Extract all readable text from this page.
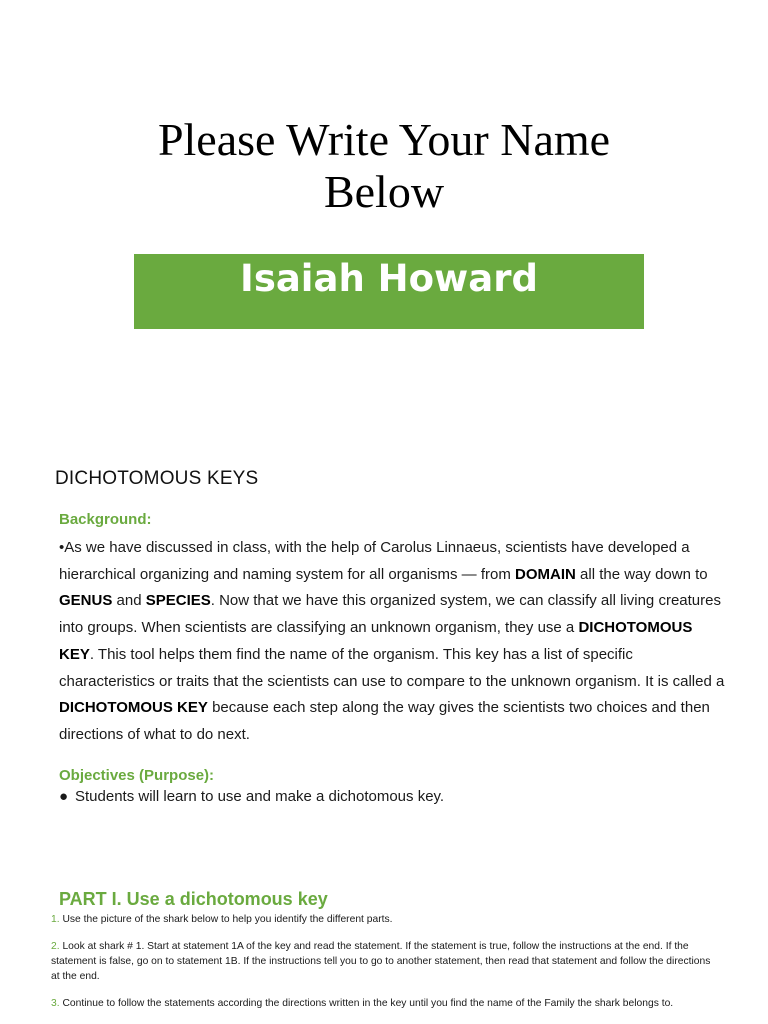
Please Write Your Name
Below
Isaiah Howard
DICHOTOMOUS KEYS
Background:
•As we have discussed in class, with the help of Carolus Linnaeus, scientists have developed a hierarchical organizing and naming system for all organisms — from DOMAIN all the way down to GENUS and SPECIES. Now that we have this organized system, we can classify all living creatures into groups. When scientists are classifying an unknown organism, they use a DICHOTOMOUS KEY. This tool helps them find the name of the organism. This key has a list of specific characteristics or traits that the scientists can use to compare to the unknown organism. It is called a DICHOTOMOUS KEY because each step along the way gives the scientists two choices and then directions of what to do next.
Objectives (Purpose):
● Students will learn to use and make a dichotomous key.
PART I. Use a dichotomous key
1. Use the picture of the shark below to help you identify the different parts.
2. Look at shark # 1. Start at statement 1A of the key and read the statement. If the statement is true, follow the instructions at the end. If the statement is false, go on to statement 1B. If the instructions tell you to go to another statement, then read that statement and follow the directions at the end.
3. Continue to follow the statements according the directions written in the key until you find the name of the Family the shark belongs to.
